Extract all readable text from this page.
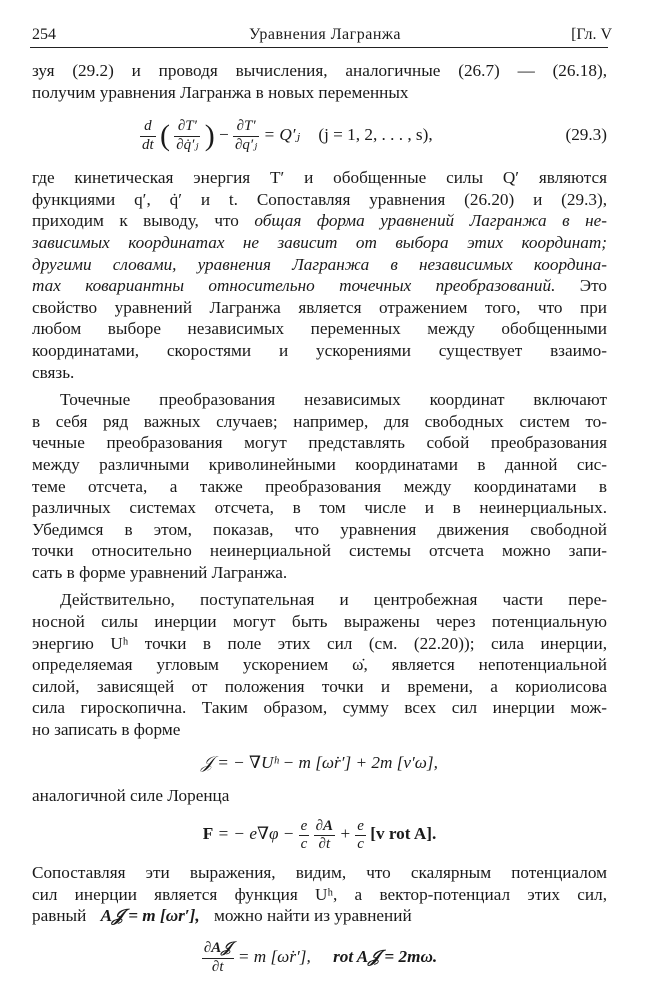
254	Уравнения Лагранжа	[Гл. V
зуя (29.2) и проводя вычисления, аналогичные (26.7) — (26.18),
получим уравнения Лагранжа в новых переменных
$\frac{d}{dt}$ ( $\frac{\partial T'}{\text{∂q̇′ⱼ}}$ ) − $\frac{\partial T'}{\text{∂q′ⱼ}}$ = Q′ⱼ (j = 1, 2, . . . , s),	(29.3)
где кинетическая энергия T′ и обобщенные силы Q′ являются
функциями q′, q̇′ и t. Сопоставляя уравнения (26.20) и (29.3),
приходим к выводу, что общая форма уравнений Лагранжа в не-
зависимых координатах не зависит от выбора этих координат;
другими словами, уравнения Лагранжа в независимых координа-
тах ковариантны относительно точечных преобразований. Это
свойство уравнений Лагранжа является отражением того, что при
любом выборе независимых переменных между обобщенными
координатами, скоростями и ускорениями существует взаимо-
связь.
Точечные преобразования независимых координат включают
в себя ряд важных случаев; например, для свободных систем то-
чечные преобразования могут представлять собой преобразования
между различными криволинейными координатами в данной сис-
теме отсчета, а также преобразования между координатами в
различных системах отсчета, в том числе и в неинерциальных.
Убедимся в этом, показав, что уравнения движения свободной
точки относительно неинерциальной системы отсчета можно запи-
сать в форме уравнений Лагранжа.
Действительно, поступательная и центробежная части пере-
носной силы инерции могут быть выражены через потенциальную
энергию Uʰ точки в поле этих сил (см. (22.20)); сила инерции,
определяемая угловым ускорением ω̇, является непотенциальной
силой, зависящей от положения точки и времени, а кориолисова
сила гироскопична. Таким образом, сумму всех сил инерции мож-
но записать в форме
𝒥 = − ∇Uʰ − m [ω̇r′] + 2m [v′ω],
аналогичной силе Лоренца
F = − $e\nabla\varphi - \frac{e}{c}$
$\frac{\partial A}{\partial t} + \frac{e}{c} [v$ rot A].
Сопоставляя эти выражения, видим, что скалярным потенциалом
сил инерции является функция Uʰ, а вектор-потенциал этих сил,
равный A𝒥 = m [ωr′], можно найти из уравнений
$\frac{\text{∂A𝒥}}{\partial t} = m$ [ω̇r′], rot A𝒥 = 2mω.
